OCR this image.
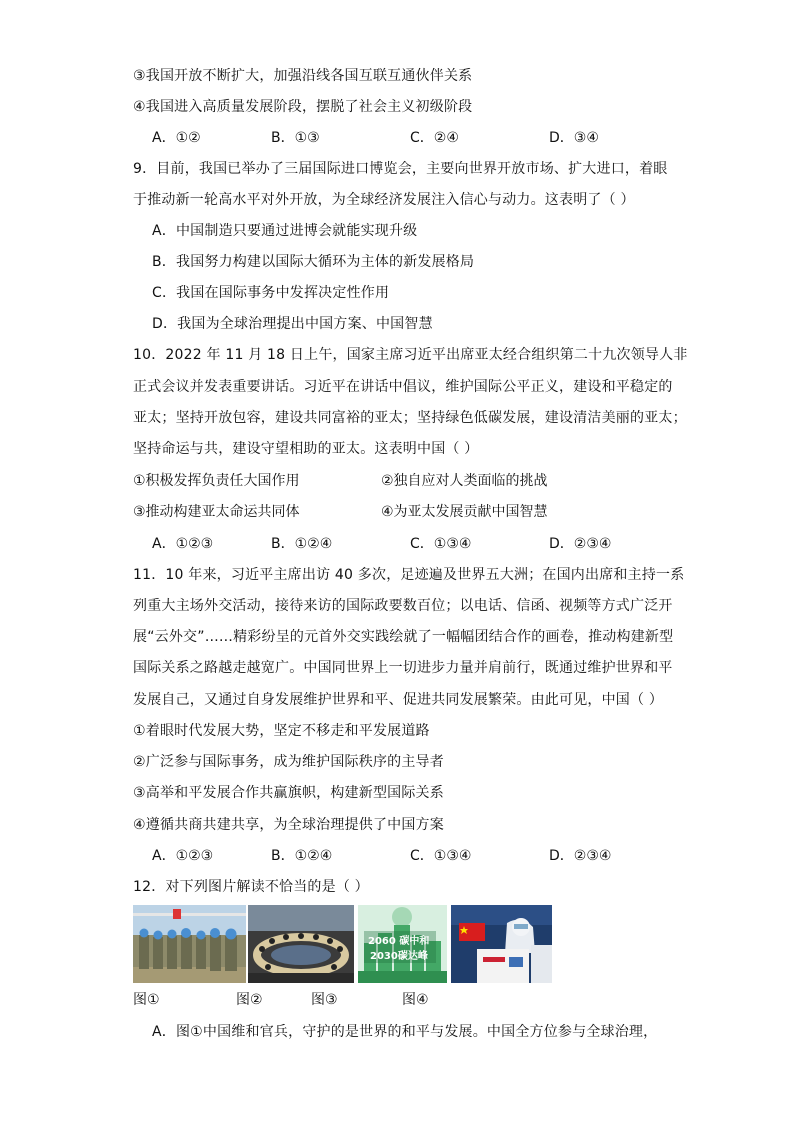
③我国开放不断扩大，加强沿线各国互联互通伙伴关系
④我国进入高质量发展阶段，摆脱了社会主义初级阶段
A．①②	B．①③	C．②④	D．③④
9．目前，我国已举办了三届国际进口博览会，主要向世界开放市场、扩大进口，着眼
于推动新一轮高水平对外开放，为全球经济发展注入信心与动力。这表明了（ ）
A．中国制造只要通过进博会就能实现升级
B．我国努力构建以国际大循环为主体的新发展格局
C．我国在国际事务中发挥决定性作用
D．我国为全球治理提出中国方案、中国智慧
10．2022 年 11 月 18 日上午，国家主席习近平出席亚太经合组织第二十九次领导人非
正式会议并发表重要讲话。习近平在讲话中倡议，维护国际公平正义，建设和平稳定的
亚太；坚持开放包容，建设共同富裕的亚太；坚持绿色低碳发展，建设清洁美丽的亚太；
坚持命运与共，建设守望相助的亚太。这表明中国（ ）
①积极发挥负责任大国作用	②独自应对人类面临的挑战
③推动构建亚太命运共同体	④为亚太发展贡献中国智慧
A．①②③	B．①②④	C．①③④	D．②③④
11．10 年来，习近平主席出访 40 多次，足迹遍及世界五大洲；在国内出席和主持一系
列重大主场外交活动，接待来访的国际政要数百位；以电话、信函、视频等方式广泛开
展“云外交”……精彩纷呈的元首外交实践绘就了一幅幅团结合作的画卷，推动构建新型
国际关系之路越走越宽广。中国同世界上一切进步力量并肩前行，既通过维护世界和平
发展自己，又通过自身发展维护世界和平、促进共同发展繁荣。由此可见，中国（ ）
①着眼时代发展大势，坚定不移走和平发展道路
②广泛参与国际事务，成为维护国际秩序的主导者
③高举和平发展合作共赢旗帜，构建新型国际关系
④遵循共商共建共享，为全球治理提供了中国方案
A．①②③	B．①②④	C．①③④	D．②③④
12．对下列图片解读不恰当的是（ ）
2060 碳中和
2030碳达峰
图①	图②	图③	图④
A．图①中国维和官兵，守护的是世界的和平与发展。中国全方位参与全球治理，
